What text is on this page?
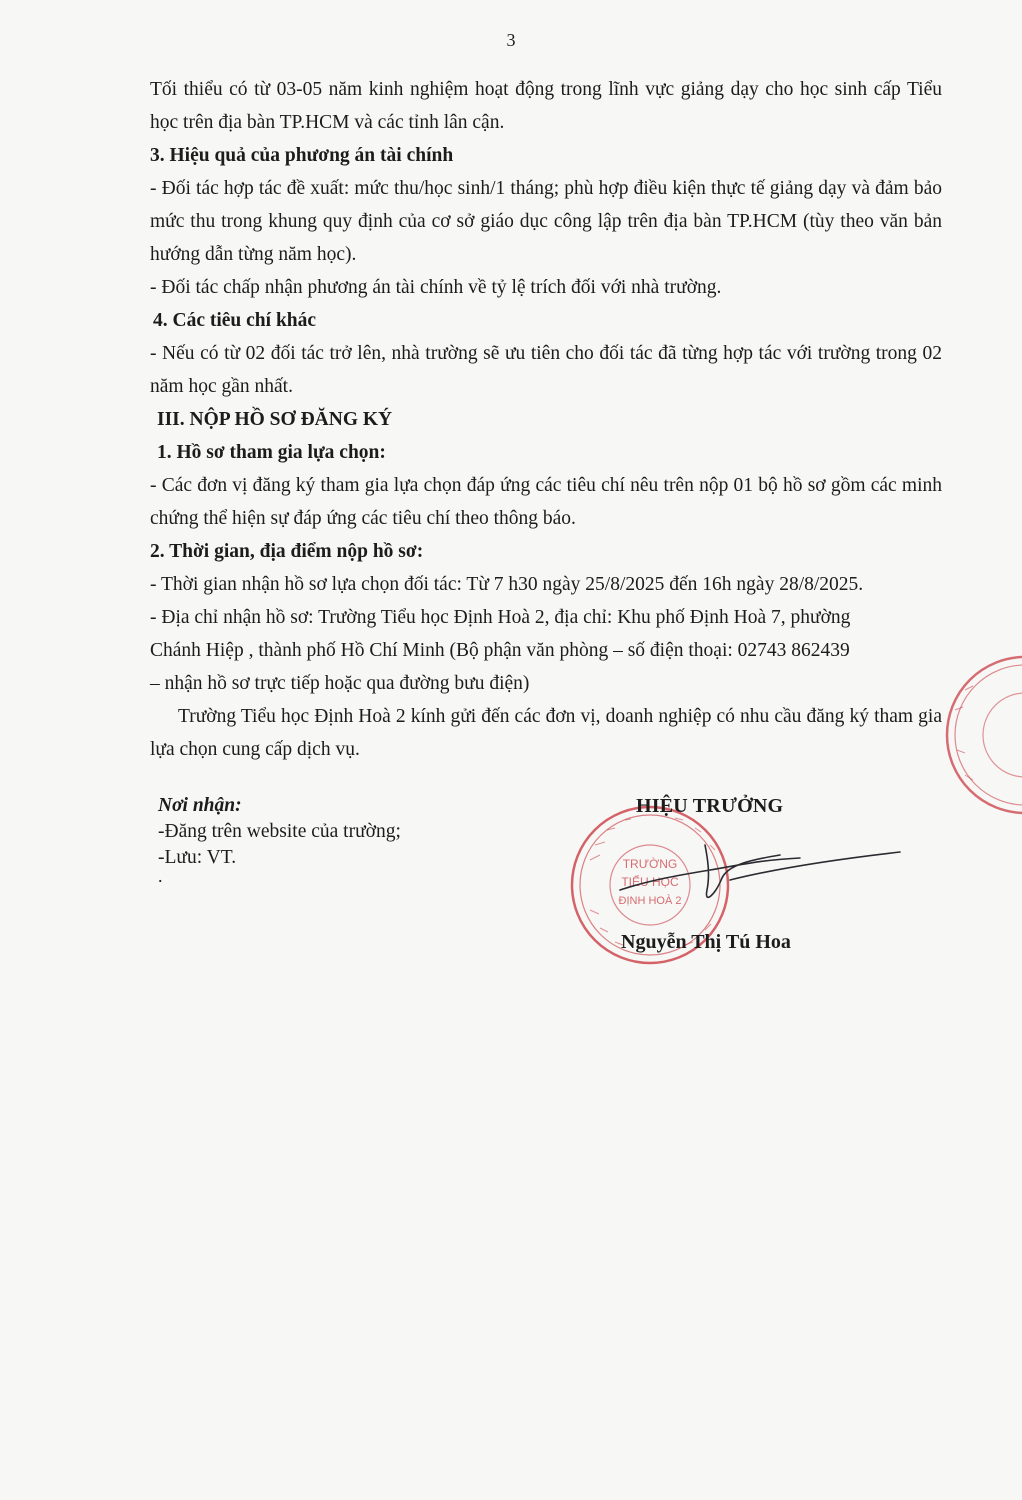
3

Tối thiểu có từ 03-05 năm kinh nghiệm hoạt động trong lĩnh vực giảng dạy cho học sinh cấp Tiểu học trên địa bàn TP.HCM và các tỉnh lân cận.

3. Hiệu quả của phương án tài chính

- Đối tác hợp tác đề xuất: mức thu/học sinh/1 tháng; phù hợp điều kiện thực tế giảng dạy và đảm bảo mức thu trong khung quy định của cơ sở giáo dục công lập trên địa bàn TP.HCM (tùy theo văn bản hướng dẫn từng năm học).

- Đối tác chấp nhận phương án tài chính về tỷ lệ trích đối với nhà trường.

4. Các tiêu chí khác

- Nếu có từ 02 đối tác trở lên, nhà trường sẽ ưu tiên cho đối tác đã từng hợp tác với trường trong 02 năm học gần nhất.

III. NỘP HỒ SƠ ĐĂNG KÝ

1. Hồ sơ tham gia lựa chọn:

- Các đơn vị đăng ký tham gia lựa chọn đáp ứng các tiêu chí nêu trên nộp 01 bộ hồ sơ gồm các minh chứng thể hiện sự đáp ứng các tiêu chí theo thông báo.

2. Thời gian, địa điểm nộp hồ sơ:

- Thời gian nhận hồ sơ lựa chọn đối tác: Từ 7 h30 ngày 25/8/2025 đến 16h ngày 28/8/2025.

- Địa chỉ nhận hồ sơ: Trường Tiểu học Định Hoà 2, địa chỉ: Khu phố Định Hoà 7, phường

Chánh Hiệp , thành phố Hồ Chí Minh (Bộ phận văn phòng – số điện thoại: 02743 862439

– nhận hồ sơ trực tiếp hoặc qua đường bưu điện)

Trường Tiểu học Định Hoà 2 kính gửi đến các đơn vị, doanh nghiệp có nhu cầu đăng ký tham gia lựa chọn cung cấp dịch vụ.

Nơi nhận:
-Đăng trên website của trường;
-Lưu: VT.
.
TRƯỜNG
TIỂU HỌC
ĐỊNH HOÀ 2
HIỆU TRƯỞNG
Nguyễn Thị Tú Hoa
